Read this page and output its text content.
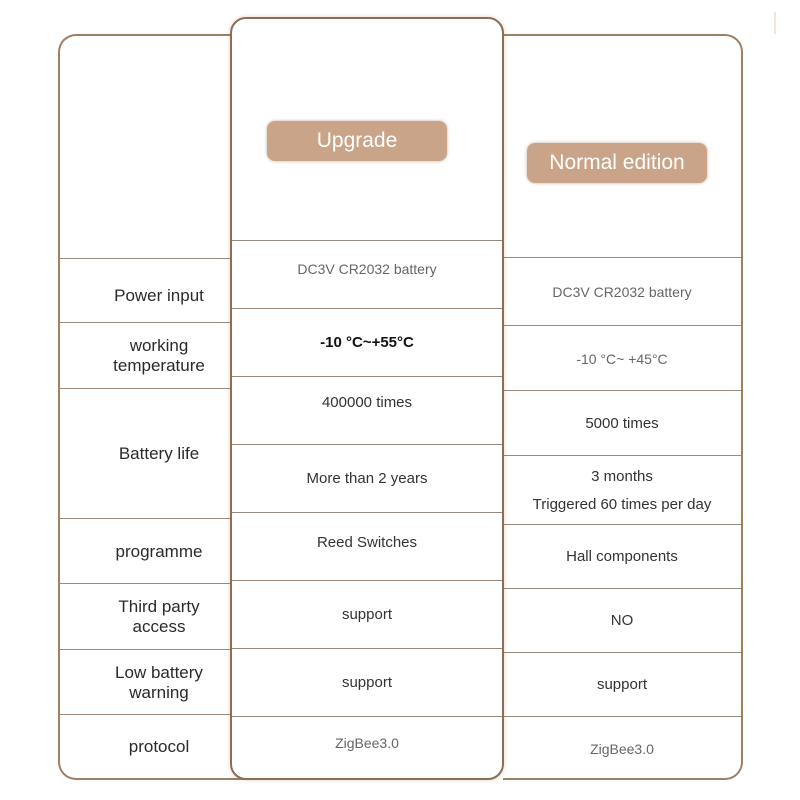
Power input
working temperature
Battery life
programme
Third party access
Low battery warning
protocol
Normal edition
DC3V CR2032 battery
-10 °C~ +45°C
5000 times
3 months
Triggered 60 times per day
Hall components
NO
support
ZigBee3.0
Upgrade
DC3V CR2032 battery
-10 °C~+55°C
400000 times
More than 2 years
Reed Switches
support
support
ZigBee3.0
